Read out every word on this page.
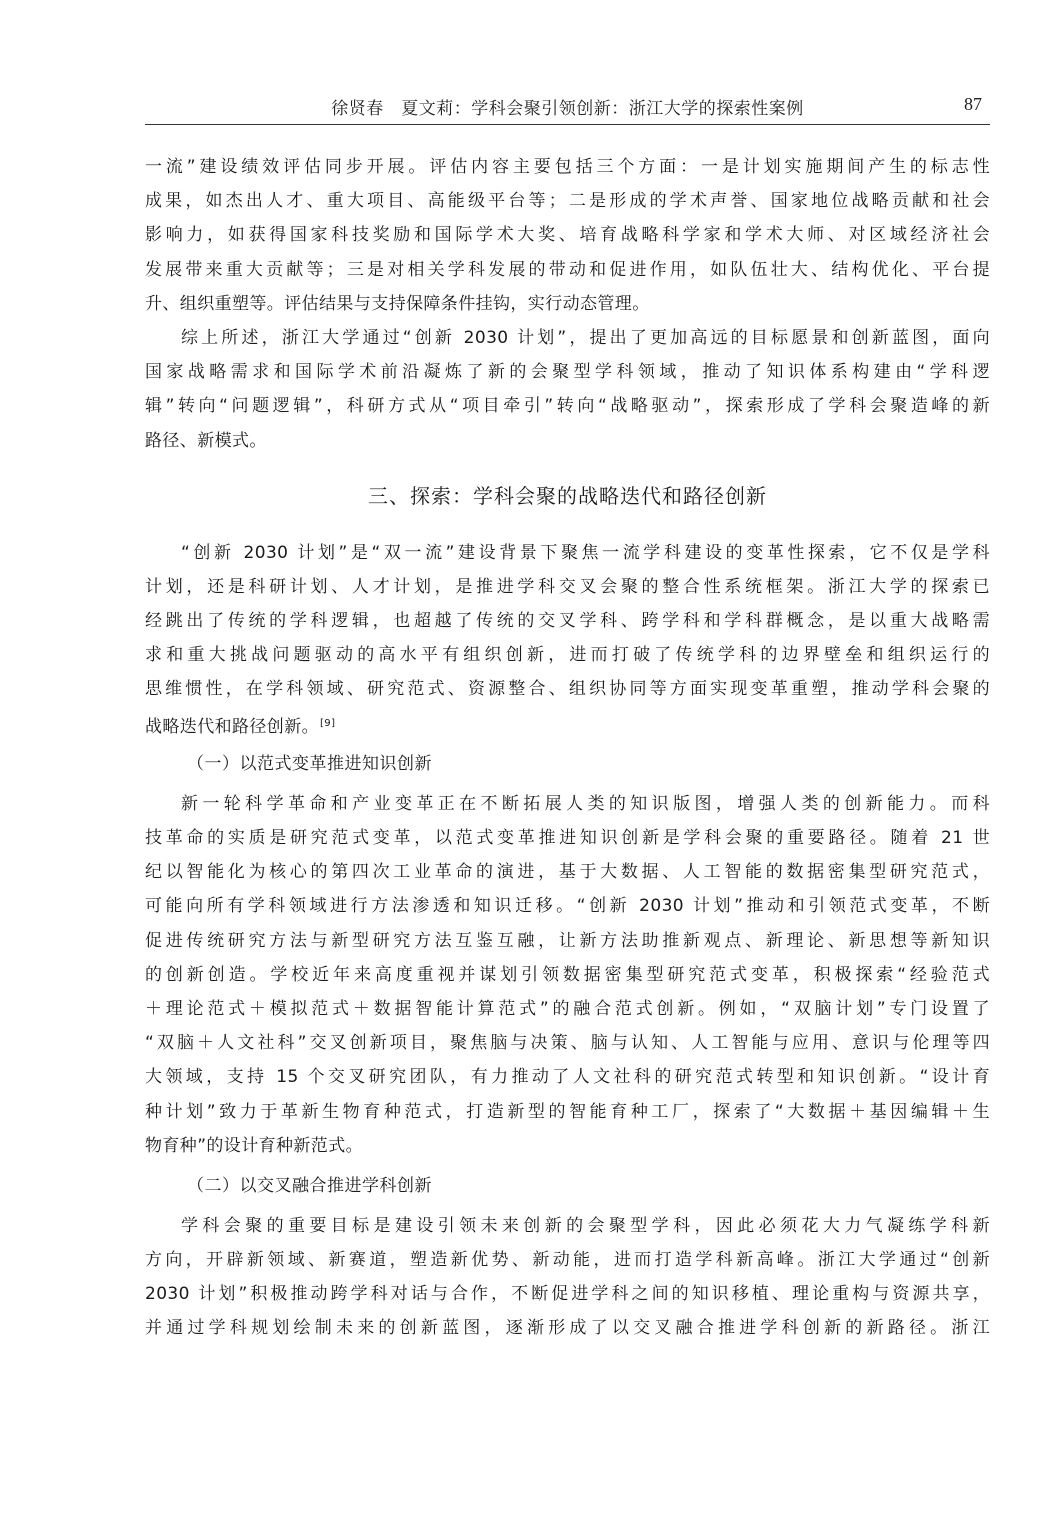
徐贤春　夏文莉：学科会聚引领创新：浙江大学的探索性案例	87
一流”建设绩效评估同步开展。评估内容主要包括三个方面：一是计划实施期间产生的标志性
成果，如杰出人才、重大项目、高能级平台等；二是形成的学术声誉、国家地位战略贡献和社会
影响力，如获得国家科技奖励和国际学术大奖、培育战略科学家和学术大师、对区域经济社会
发展带来重大贡献等；三是对相关学科发展的带动和促进作用，如队伍壮大、结构优化、平台提
升、组织重塑等。评估结果与支持保障条件挂钩，实行动态管理。
综上所述，浙江大学通过“创新 2030 计划”，提出了更加高远的目标愿景和创新蓝图，面向
国家战略需求和国际学术前沿凝炼了新的会聚型学科领域，推动了知识体系构建由“学科逻
辑”转向“问题逻辑”，科研方式从“项目牵引”转向“战略驱动”，探索形成了学科会聚造峰的新
路径、新模式。
三、探索：学科会聚的战略迭代和路径创新
“创新 2030 计划”是“双一流”建设背景下聚焦一流学科建设的变革性探索，它不仅是学科
计划，还是科研计划、人才计划，是推进学科交叉会聚的整合性系统框架。浙江大学的探索已
经跳出了传统的学科逻辑，也超越了传统的交叉学科、跨学科和学科群概念，是以重大战略需
求和重大挑战问题驱动的高水平有组织创新，进而打破了传统学科的边界壁垒和组织运行的
思维惯性，在学科领域、研究范式、资源整合、组织协同等方面实现变革重塑，推动学科会聚的
战略迭代和路径创新。[9]
（一）以范式变革推进知识创新
新一轮科学革命和产业变革正在不断拓展人类的知识版图，增强人类的创新能力。而科
技革命的实质是研究范式变革，以范式变革推进知识创新是学科会聚的重要路径。随着 21 世
纪以智能化为核心的第四次工业革命的演进，基于大数据、人工智能的数据密集型研究范式，
可能向所有学科领域进行方法渗透和知识迁移。“创新 2030 计划”推动和引领范式变革，不断
促进传统研究方法与新型研究方法互鉴互融，让新方法助推新观点、新理论、新思想等新知识
的创新创造。学校近年来高度重视并谋划引领数据密集型研究范式变革，积极探索“经验范式
＋理论范式＋模拟范式＋数据智能计算范式”的融合范式创新。例如，“双脑计划”专门设置了
“双脑＋人文社科”交叉创新项目，聚焦脑与决策、脑与认知、人工智能与应用、意识与伦理等四
大领域，支持 15 个交叉研究团队，有力推动了人文社科的研究范式转型和知识创新。“设计育
种计划”致力于革新生物育种范式，打造新型的智能育种工厂，探索了“大数据＋基因编辑＋生
物育种”的设计育种新范式。
（二）以交叉融合推进学科创新
学科会聚的重要目标是建设引领未来创新的会聚型学科，因此必须花大力气凝练学科新
方向，开辟新领域、新赛道，塑造新优势、新动能，进而打造学科新高峰。浙江大学通过“创新
2030 计划”积极推动跨学科对话与合作，不断促进学科之间的知识移植、理论重构与资源共享，
并通过学科规划绘制未来的创新蓝图，逐渐形成了以交叉融合推进学科创新的新路径。浙江
